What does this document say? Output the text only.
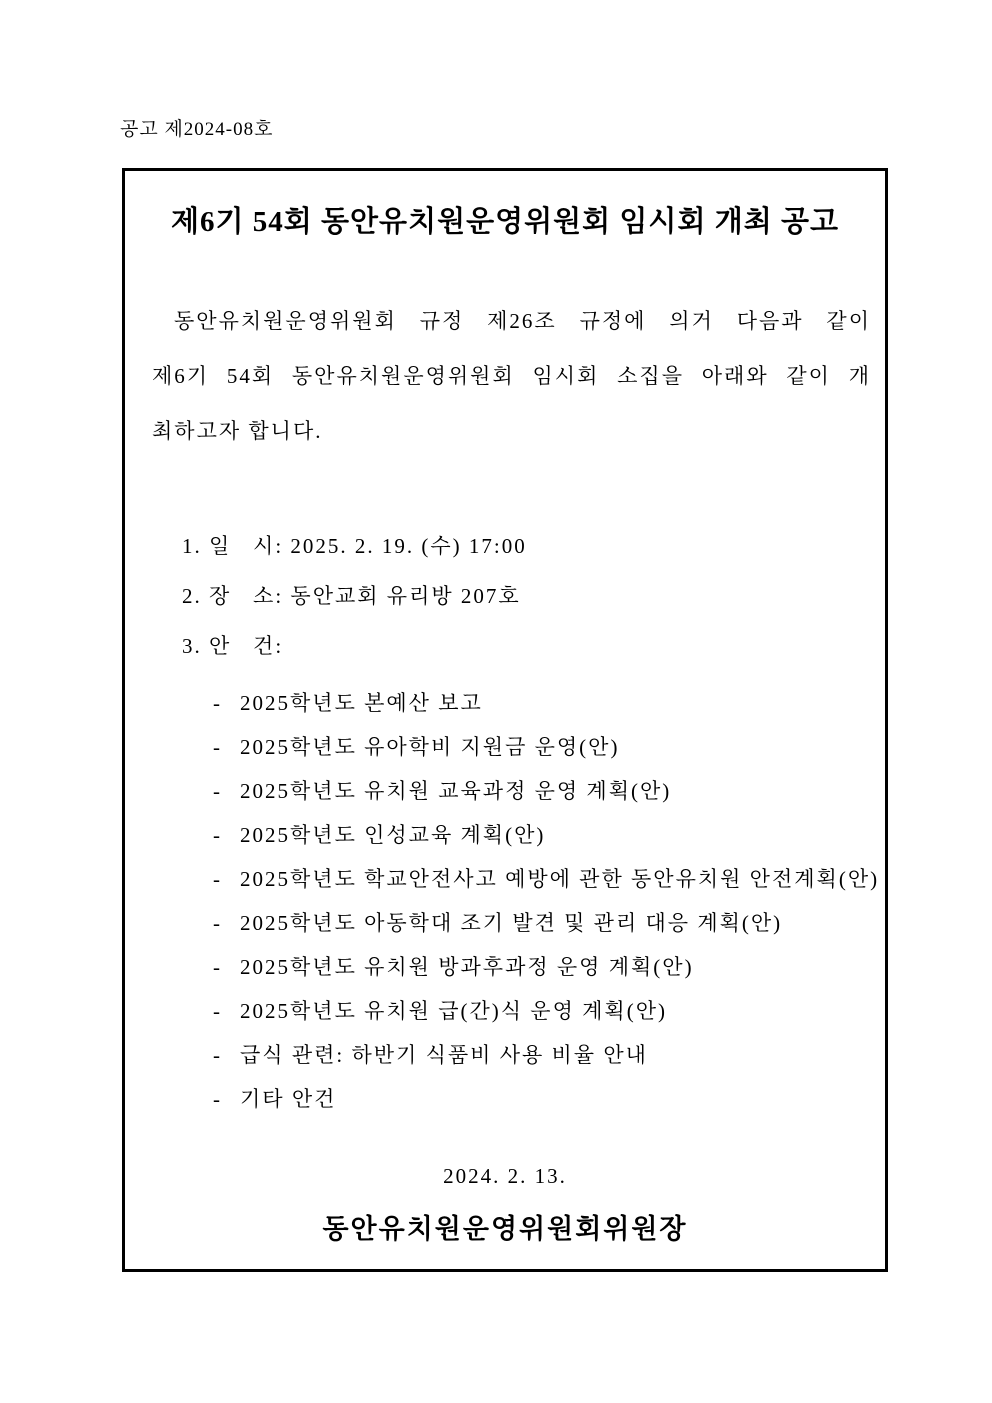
공고 제2024-08호
제6기 54회 동안유치원운영위원회 임시회 개최 공고
동안유치원운영위원회 규정 제26조 규정에 의거 다음과 같이
제6기 54회 동안유치원운영위원회 임시회 소집을 아래와 같이 개
최하고자 합니다.
1. 일   시: 2025. 2. 19. (수) 17:00
2. 장   소: 동안교회 유리방 207호
3. 안   건:
- 2025학년도 본예산 보고
- 2025학년도 유아학비 지원금 운영(안)
- 2025학년도 유치원 교육과정 운영 계획(안)
- 2025학년도 인성교육 계획(안)
- 2025학년도 학교안전사고 예방에 관한 동안유치원 안전계획(안)
- 2025학년도 아동학대 조기 발견 및 관리 대응 계획(안)
- 2025학년도 유치원 방과후과정 운영 계획(안)
- 2025학년도 유치원 급(간)식 운영 계획(안)
- 급식 관련: 하반기 식품비 사용 비율 안내
- 기타 안건
2024. 2. 13.
동안유치원운영위원회위원장
